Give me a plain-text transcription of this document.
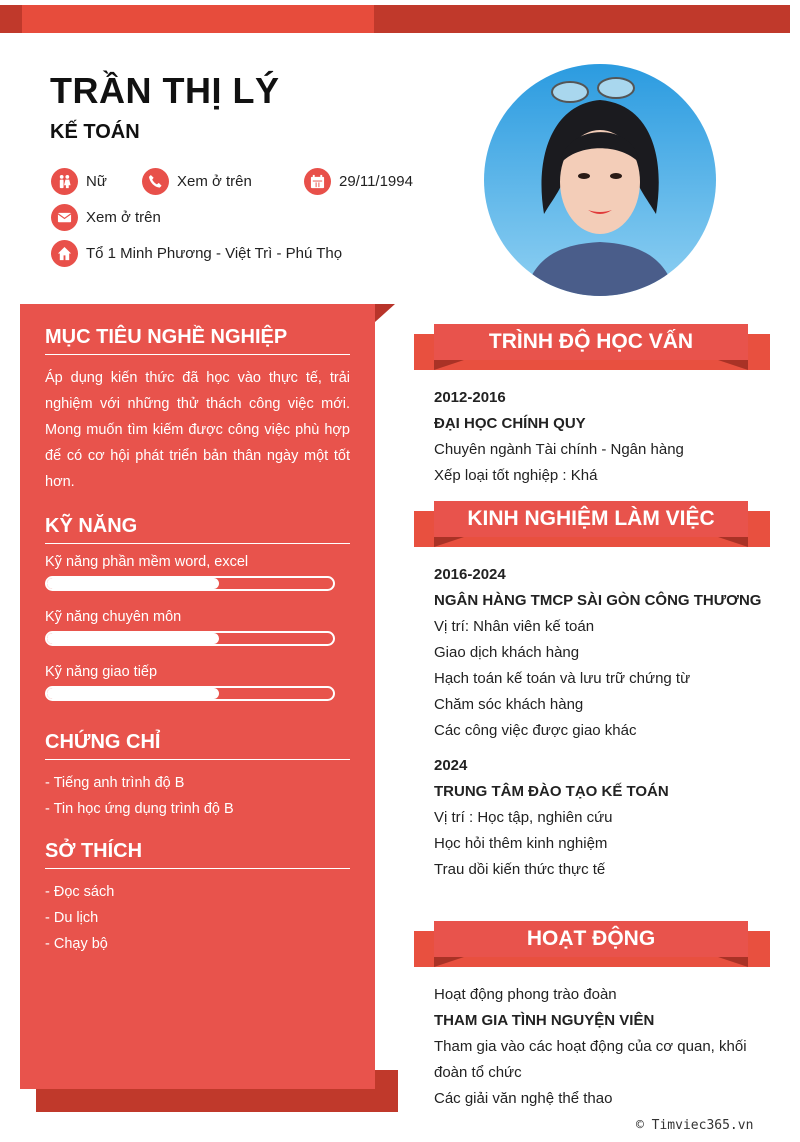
TRẦN THỊ LÝ
KẾ TOÁN
Nữ	Xem ở trên	29/11/1994
Xem ở trên
Tổ 1 Minh Phương - Việt Trì - Phú Thọ
MỤC TIÊU NGHỀ NGHIỆP
Áp dụng kiến thức đã học vào thực tế, trải nghiệm với những thử thách công việc mới. Mong muốn tìm kiếm được công việc phù hợp để có cơ hội phát triển bản thân ngày một tốt hơn.
KỸ NĂNG
Kỹ năng phần mềm word, excel
Kỹ năng chuyên môn
Kỹ năng giao tiếp
CHỨNG CHỈ
- Tiếng anh trình độ B
- Tin học ứng dụng trình độ B
SỞ THÍCH
- Đọc sách
- Du lịch
- Chạy bộ
TRÌNH ĐỘ HỌC VẤN
2012-2016
ĐẠI HỌC CHÍNH QUY
Chuyên ngành Tài chính - Ngân hàng
Xếp loại tốt nghiệp : Khá
KINH NGHIỆM LÀM VIỆC
2016-2024
NGÂN HÀNG TMCP SÀI GÒN CÔNG THƯƠNG
Vị trí: Nhân viên kế toán
Giao dịch khách hàng
Hạch toán kế toán và lưu trữ chứng từ
Chăm sóc khách hàng
Các công việc được giao khác
2024
TRUNG TÂM ĐÀO TẠO KẾ TOÁN
Vị trí : Học tập, nghiên cứu
Học hỏi thêm kinh nghiệm
Trau dồi kiến thức thực tế
HOẠT ĐỘNG
Hoạt động phong trào đoàn
THAM GIA TÌNH NGUYỆN VIÊN
Tham gia vào các hoạt động của cơ quan, khối đoàn tổ chức
Các giải văn nghệ thể thao
© Timviec365.vn
